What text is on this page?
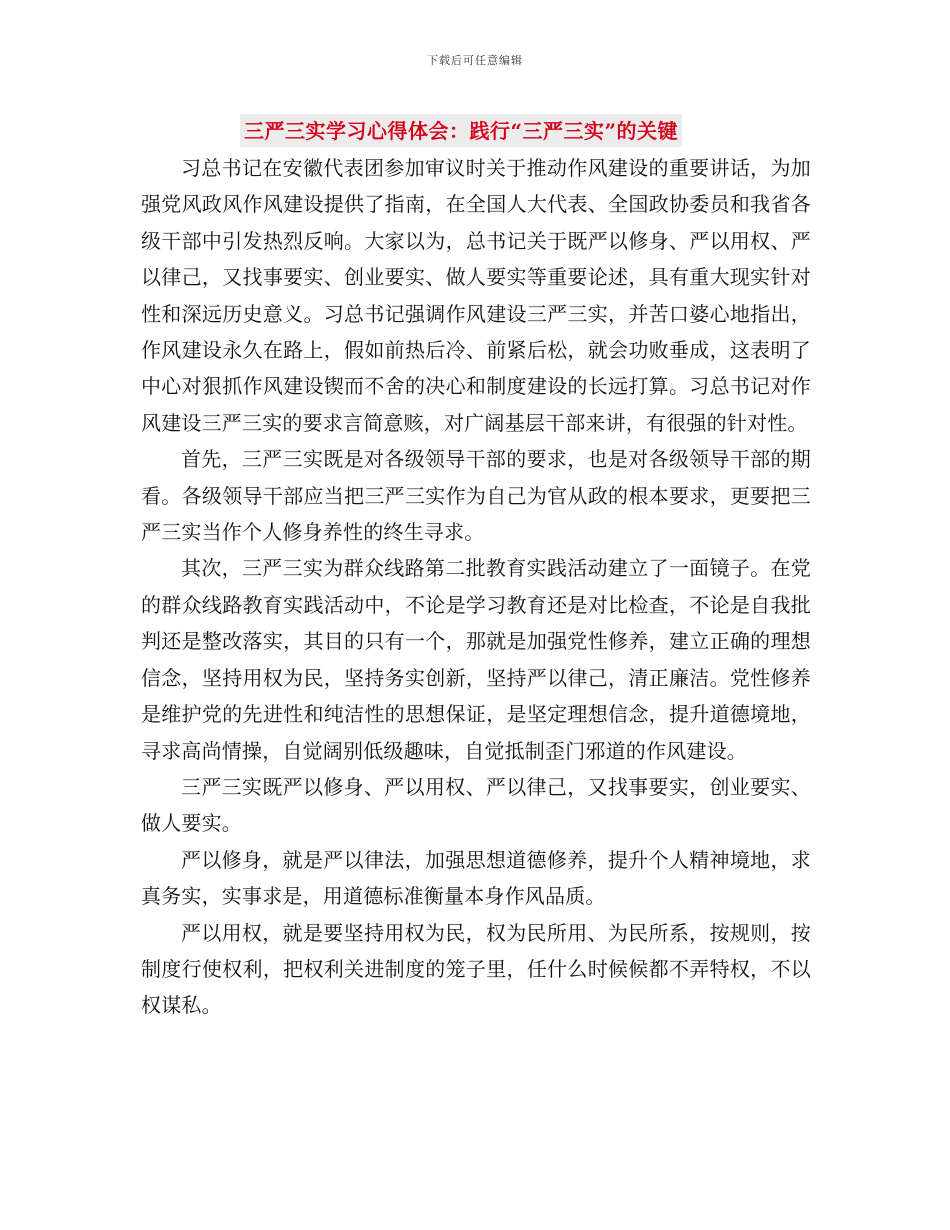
下载后可任意编辑
三严三实学习心得体会：践行“三严三实”的关键

习总书记在安徽代表团参加审议时关于推动作风建设的重要讲话，为加强党风政风作风建设提供了指南，在全国人大代表、全国政协委员和我省各级干部中引发热烈反响。大家以为，总书记关于既严以修身、严以用权、严以律己，又找事要实、创业要实、做人要实等重要论述，具有重大现实针对性和深远历史意义。习总书记强调作风建设三严三实，并苦口婆心地指出，作风建设永久在路上，假如前热后冷、前紧后松，就会功败垂成，这表明了中心对狠抓作风建设锲而不舍的决心和制度建设的长远打算。习总书记对作风建设三严三实的要求言简意赅，对广阔基层干部来讲，有很强的针对性。

首先，三严三实既是对各级领导干部的要求，也是对各级领导干部的期看。各级领导干部应当把三严三实作为自己为官从政的根本要求，更要把三严三实当作个人修身养性的终生寻求。

其次，三严三实为群众线路第二批教育实践活动建立了一面镜子。在党的群众线路教育实践活动中，不论是学习教育还是对比检查，不论是自我批判还是整改落实，其目的只有一个，那就是加强党性修养，建立正确的理想信念，坚持用权为民，坚持务实创新，坚持严以律己，清正廉洁。党性修养是维护党的先进性和纯洁性的思想保证，是坚定理想信念，提升道德境地，寻求高尚情操，自觉阔别低级趣味，自觉抵制歪门邪道的作风建设。

三严三实既严以修身、严以用权、严以律己，又找事要实，创业要实、做人要实。

严以修身，就是严以律法，加强思想道德修养，提升个人精神境地，求真务实，实事求是，用道德标准衡量本身作风品质。

严以用权，就是要坚持用权为民，权为民所用、为民所系，按规则，按制度行使权利，把权利关进制度的笼子里，任什么时候候都不弄特权，不以权谋私。
